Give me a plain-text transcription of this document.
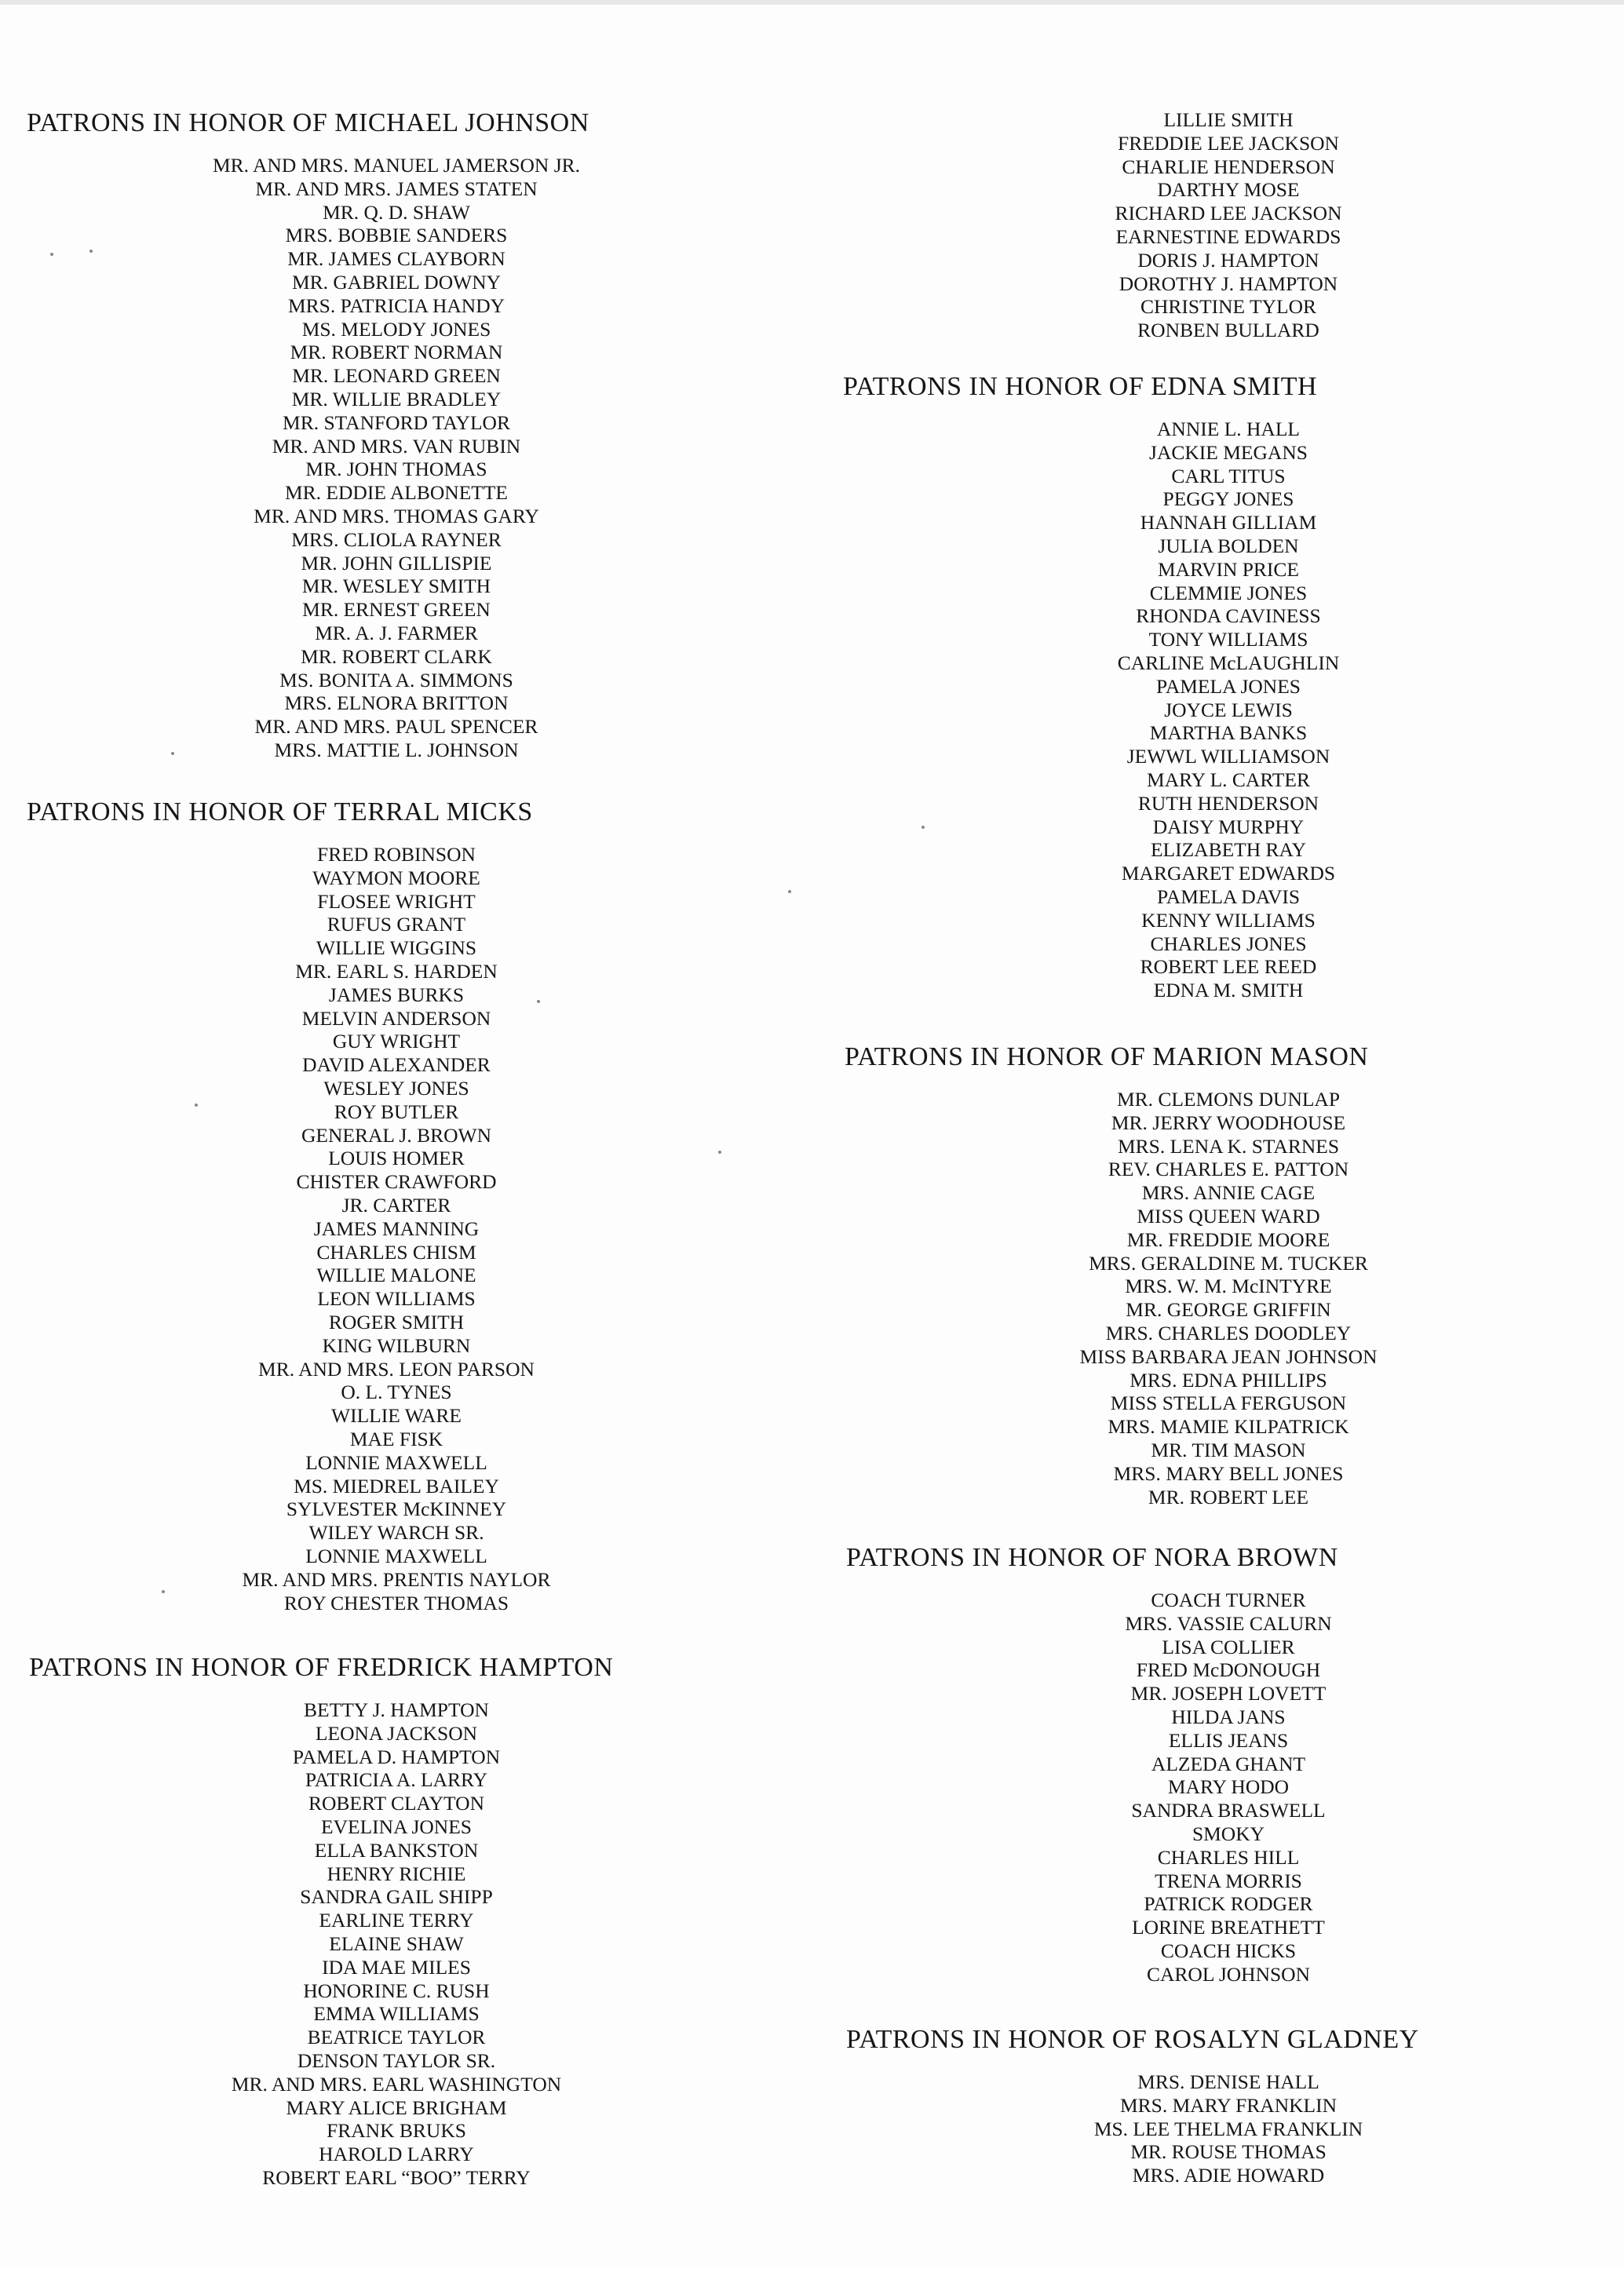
PATRONS IN HONOR OF MICHAEL JOHNSON
MR. AND MRS. MANUEL JAMERSON JR.
MR. AND MRS. JAMES STATEN
MR. Q. D. SHAW
MRS. BOBBIE SANDERS
MR. JAMES CLAYBORN
MR. GABRIEL DOWNY
MRS. PATRICIA HANDY
MS. MELODY JONES
MR. ROBERT NORMAN
MR. LEONARD GREEN
MR. WILLIE BRADLEY
MR. STANFORD TAYLOR
MR. AND MRS. VAN RUBIN
MR. JOHN THOMAS
MR. EDDIE ALBONETTE
MR. AND MRS. THOMAS GARY
MRS. CLIOLA RAYNER
MR. JOHN GILLISPIE
MR. WESLEY SMITH
MR. ERNEST GREEN
MR. A. J. FARMER
MR. ROBERT CLARK
MS. BONITA A. SIMMONS
MRS. ELNORA BRITTON
MR. AND MRS. PAUL SPENCER
MRS. MATTIE L. JOHNSON
PATRONS IN HONOR OF TERRAL MICKS
FRED ROBINSON
WAYMON MOORE
FLOSEE WRIGHT
RUFUS GRANT
WILLIE WIGGINS
MR. EARL S. HARDEN
JAMES BURKS
MELVIN ANDERSON
GUY WRIGHT
DAVID ALEXANDER
WESLEY JONES
ROY BUTLER
GENERAL J. BROWN
LOUIS HOMER
CHISTER CRAWFORD
JR. CARTER
JAMES MANNING
CHARLES CHISM
WILLIE MALONE
LEON WILLIAMS
ROGER SMITH
KING WILBURN
MR. AND MRS. LEON PARSON
O. L. TYNES
WILLIE WARE
MAE FISK
LONNIE MAXWELL
MS. MIEDREL BAILEY
SYLVESTER McKINNEY
WILEY WARCH SR.
LONNIE MAXWELL
MR. AND MRS. PRENTIS NAYLOR
ROY CHESTER THOMAS
PATRONS IN HONOR OF FREDRICK HAMPTON
BETTY J. HAMPTON
LEONA JACKSON
PAMELA D. HAMPTON
PATRICIA A. LARRY
ROBERT CLAYTON
EVELINA JONES
ELLA BANKSTON
HENRY RICHIE
SANDRA GAIL SHIPP
EARLINE TERRY
ELAINE SHAW
IDA MAE MILES
HONORINE C. RUSH
EMMA WILLIAMS
BEATRICE TAYLOR
DENSON TAYLOR SR.
MR. AND MRS. EARL WASHINGTON
MARY ALICE BRIGHAM
FRANK BRUKS
HAROLD LARRY
ROBERT EARL “BOO” TERRY
LILLIE SMITH
FREDDIE LEE JACKSON
CHARLIE HENDERSON
DARTHY MOSE
RICHARD LEE JACKSON
EARNESTINE EDWARDS
DORIS J. HAMPTON
DOROTHY J. HAMPTON
CHRISTINE TYLOR
RONBEN BULLARD
PATRONS IN HONOR OF EDNA SMITH
ANNIE L. HALL
JACKIE MEGANS
CARL TITUS
PEGGY JONES
HANNAH GILLIAM
JULIA BOLDEN
MARVIN PRICE
CLEMMIE JONES
RHONDA CAVINESS
TONY WILLIAMS
CARLINE McLAUGHLIN
PAMELA JONES
JOYCE LEWIS
MARTHA BANKS
JEWWL WILLIAMSON
MARY L. CARTER
RUTH HENDERSON
DAISY MURPHY
ELIZABETH RAY
MARGARET EDWARDS
PAMELA DAVIS
KENNY WILLIAMS
CHARLES JONES
ROBERT LEE REED
EDNA M. SMITH
PATRONS IN HONOR OF MARION MASON
MR. CLEMONS DUNLAP
MR. JERRY WOODHOUSE
MRS. LENA K. STARNES
REV. CHARLES E. PATTON
MRS. ANNIE CAGE
MISS QUEEN WARD
MR. FREDDIE MOORE
MRS. GERALDINE M. TUCKER
MRS. W. M. McINTYRE
MR. GEORGE GRIFFIN
MRS. CHARLES DOODLEY
MISS BARBARA JEAN JOHNSON
MRS. EDNA PHILLIPS
MISS STELLA FERGUSON
MRS. MAMIE KILPATRICK
MR. TIM MASON
MRS. MARY BELL JONES
MR. ROBERT LEE
PATRONS IN HONOR OF NORA BROWN
COACH TURNER
MRS. VASSIE CALURN
LISA COLLIER
FRED McDONOUGH
MR. JOSEPH LOVETT
HILDA JANS
ELLIS JEANS
ALZEDA GHANT
MARY HODO
SANDRA BRASWELL
SMOKY
CHARLES HILL
TRENA MORRIS
PATRICK RODGER
LORINE BREATHETT
COACH HICKS
CAROL JOHNSON
PATRONS IN HONOR OF ROSALYN GLADNEY
MRS. DENISE HALL
MRS. MARY FRANKLIN
MS. LEE THELMA FRANKLIN
MR. ROUSE THOMAS
MRS. ADIE HOWARD
